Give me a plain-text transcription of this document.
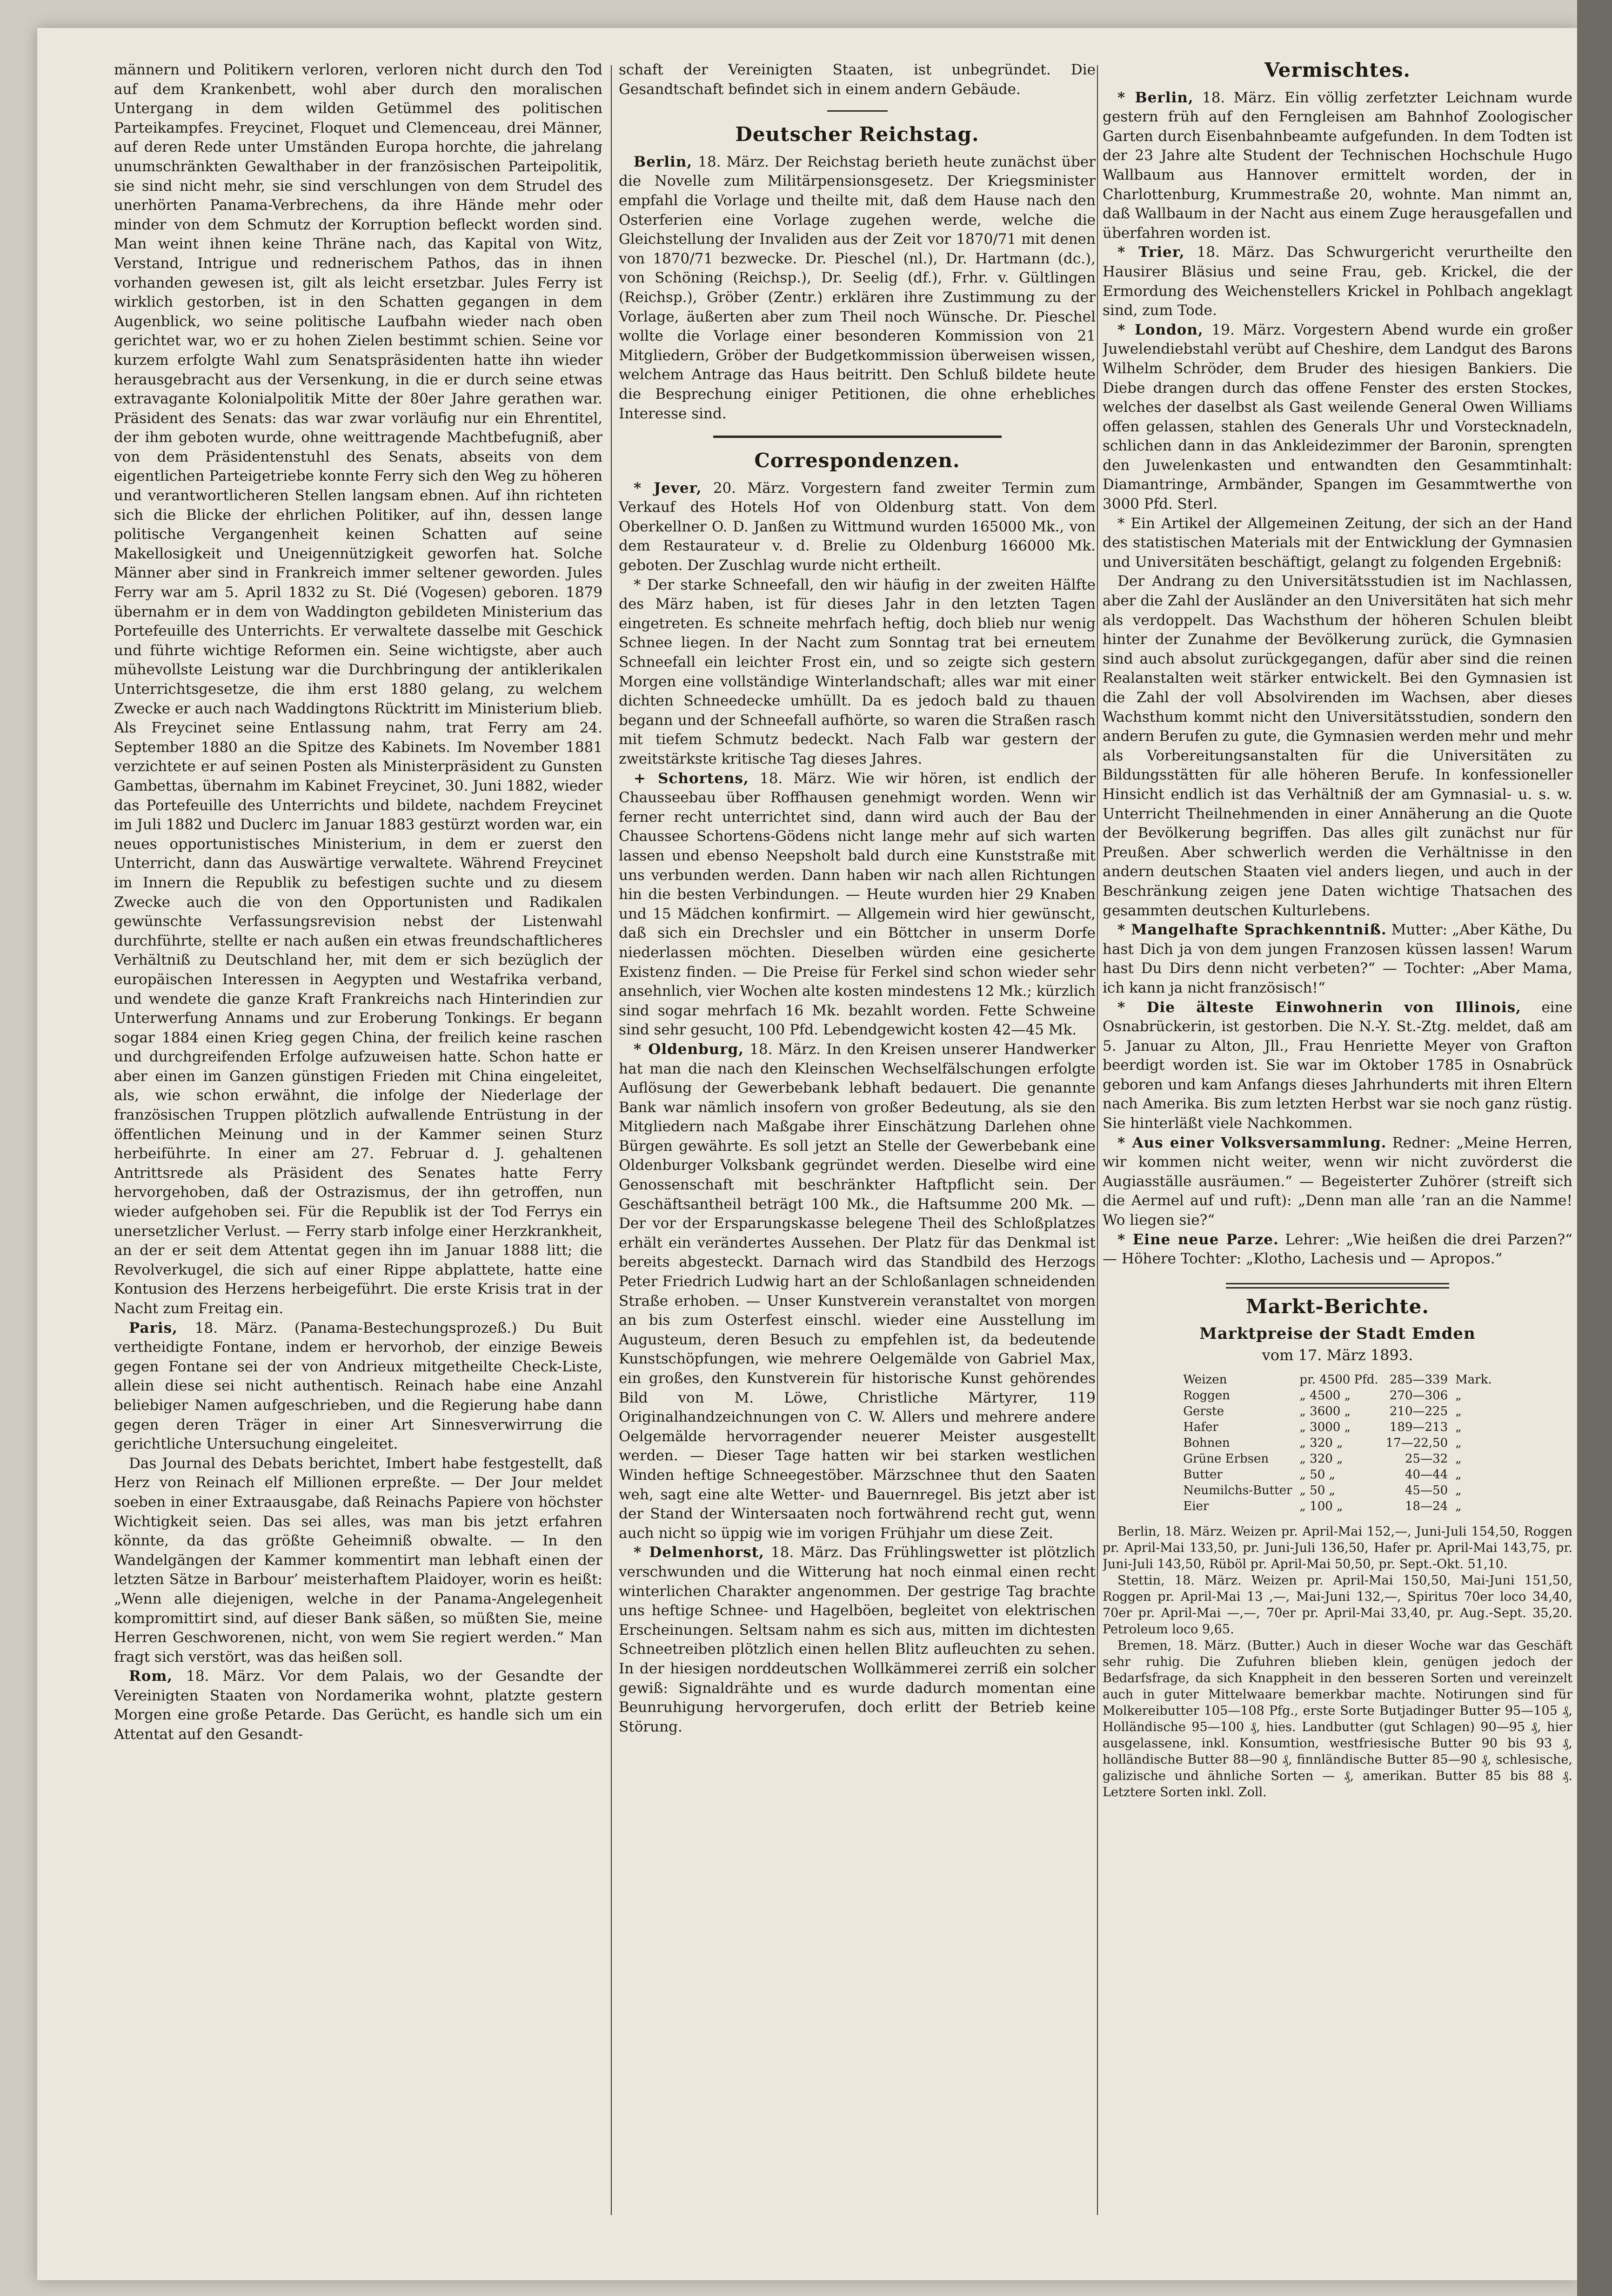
männern und Politikern verloren, verloren nicht durch den Tod auf dem Krankenbett, wohl aber durch den moralischen Untergang in dem wilden Getümmel des politischen Parteikampfes. Freycinet, Floquet und Clemenceau, drei Männer, auf deren Rede unter Umständen Europa horchte, die jahrelang unumschränkten Gewalthaber in der französischen Parteipolitik, sie sind nicht mehr, sie sind verschlungen von dem Strudel des unerhörten Panama-Verbrechens, da ihre Hände mehr oder minder von dem Schmutz der Korruption befleckt worden sind. Man weint ihnen keine Thräne nach, das Kapital von Witz, Verstand, Intrigue und rednerischem Pathos, das in ihnen vorhanden gewesen ist, gilt als leicht ersetzbar. Jules Ferry ist wirklich gestorben, ist in den Schatten gegangen in dem Augenblick, wo seine politische Laufbahn wieder nach oben gerichtet war, wo er zu hohen Zielen bestimmt schien. Seine vor kurzem erfolgte Wahl zum Senatspräsidenten hatte ihn wieder herausgebracht aus der Versenkung, in die er durch seine etwas extravagante Kolonialpolitik Mitte der 80er Jahre gerathen war. Präsident des Senats: das war zwar vorläufig nur ein Ehrentitel, der ihm geboten wurde, ohne weittragende Machtbefugniß, aber von dem Präsidentenstuhl des Senats, abseits von dem eigentlichen Parteigetriebe konnte Ferry sich den Weg zu höheren und verantwortlicheren Stellen langsam ebnen. Auf ihn richteten sich die Blicke der ehrlichen Politiker, auf ihn, dessen lange politische Vergangenheit keinen Schatten auf seine Makellosigkeit und Uneigennützigkeit geworfen hat. Solche Männer aber sind in Frankreich immer seltener geworden. Jules Ferry war am 5. April 1832 zu St. Dié (Vogesen) geboren. 1879 übernahm er in dem von Waddington gebildeten Ministerium das Portefeuille des Unterrichts. Er verwaltete dasselbe mit Geschick und führte wichtige Reformen ein. Seine wichtigste, aber auch mühevollste Leistung war die Durchbringung der antiklerikalen Unterrichtsgesetze, die ihm erst 1880 gelang, zu welchem Zwecke er auch nach Waddingtons Rücktritt im Ministerium blieb. Als Freycinet seine Entlassung nahm, trat Ferry am 24. September 1880 an die Spitze des Kabinets. Im November 1881 verzichtete er auf seinen Posten als Ministerpräsident zu Gunsten Gambettas, übernahm im Kabinet Freycinet, 30. Juni 1882, wieder das Portefeuille des Unterrichts und bildete, nachdem Freycinet im Juli 1882 und Duclerc im Januar 1883 gestürzt worden war, ein neues opportunistisches Ministerium, in dem er zuerst den Unterricht, dann das Auswärtige verwaltete. Während Freycinet im Innern die Republik zu befestigen suchte und zu diesem Zwecke auch die von den Opportunisten und Radikalen gewünschte Verfassungsrevision nebst der Listenwahl durchführte, stellte er nach außen ein etwas freundschaftlicheres Verhältniß zu Deutschland her, mit dem er sich bezüglich der europäischen Interessen in Aegypten und Westafrika verband, und wendete die ganze Kraft Frankreichs nach Hinterindien zur Unterwerfung Annams und zur Eroberung Tonkings. Er begann sogar 1884 einen Krieg gegen China, der freilich keine raschen und durchgreifenden Erfolge aufzuweisen hatte. Schon hatte er aber einen im Ganzen günstigen Frieden mit China eingeleitet, als, wie schon erwähnt, die infolge der Niederlage der französischen Truppen plötzlich aufwallende Entrüstung in der öffentlichen Meinung und in der Kammer seinen Sturz herbeiführte. In einer am 27. Februar d. J. gehaltenen Antrittsrede als Präsident des Senates hatte Ferry hervorgehoben, daß der Ostrazismus, der ihn getroffen, nun wieder aufgehoben sei. Für die Republik ist der Tod Ferrys ein unersetzlicher Verlust. — Ferry starb infolge einer Herzkrankheit, an der er seit dem Attentat gegen ihn im Januar 1888 litt; die Revolverkugel, die sich auf einer Rippe abplattete, hatte eine Kontusion des Herzens herbeigeführt. Die erste Krisis trat in der Nacht zum Freitag ein.

Paris, 18. März. (Panama-Bestechungsprozeß.) Du Buit vertheidigte Fontane, indem er hervorhob, der einzige Beweis gegen Fontane sei der von Andrieux mitgetheilte Check-Liste, allein diese sei nicht authentisch. Reinach habe eine Anzahl beliebiger Namen aufgeschrieben, und die Regierung habe dann gegen deren Träger in einer Art Sinnesverwirrung die gerichtliche Untersuchung eingeleitet.

Das Journal des Debats berichtet, Imbert habe festgestellt, daß Herz von Reinach elf Millionen erpreßte. — Der Jour meldet soeben in einer Extraausgabe, daß Reinachs Papiere von höchster Wichtigkeit seien. Das sei alles, was man bis jetzt erfahren könnte, da das größte Geheimniß obwalte. — In den Wandelgängen der Kammer kommentirt man lebhaft einen der letzten Sätze in Barbour’ meisterhaftem Plaidoyer, worin es heißt: „Wenn alle diejenigen, welche in der Panama-Angelegenheit kompromittirt sind, auf dieser Bank säßen, so müßten Sie, meine Herren Geschworenen, nicht, von wem Sie regiert werden.“ Man fragt sich verstört, was das heißen soll.

Rom, 18. März. Vor dem Palais, wo der Gesandte der Vereinigten Staaten von Nordamerika wohnt, platzte gestern Morgen eine große Petarde. Das Gerücht, es handle sich um ein Attentat auf den Gesandt-

schaft der Vereinigten Staaten, ist unbegründet. Die Gesandtschaft befindet sich in einem andern Gebäude.

Deutscher Reichstag.

Berlin, 18. März. Der Reichstag berieth heute zunächst über die Novelle zum Militärpensionsgesetz. Der Kriegsminister empfahl die Vorlage und theilte mit, daß dem Hause nach den Osterferien eine Vorlage zugehen werde, welche die Gleichstellung der Invaliden aus der Zeit vor 1870/71 mit denen von 1870/71 bezwecke. Dr. Pieschel (nl.), Dr. Hartmann (dc.), von Schöning (Reichsp.), Dr. Seelig (df.), Frhr. v. Gültlingen (Reichsp.), Gröber (Zentr.) erklären ihre Zustimmung zu der Vorlage, äußerten aber zum Theil noch Wünsche. Dr. Pieschel wollte die Vorlage einer besonderen Kommission von 21 Mitgliedern, Gröber der Budgetkommission überweisen wissen, welchem Antrage das Haus beitritt. Den Schluß bildete heute die Besprechung einiger Petitionen, die ohne erhebliches Interesse sind.

Correspondenzen.

* Jever, 20. März. Vorgestern fand zweiter Termin zum Verkauf des Hotels Hof von Oldenburg statt. Von dem Oberkellner O. D. Janßen zu Wittmund wurden 165000 Mk., von dem Restaurateur v. d. Brelie zu Oldenburg 166000 Mk. geboten. Der Zuschlag wurde nicht ertheilt.

* Der starke Schneefall, den wir häufig in der zweiten Hälfte des März haben, ist für dieses Jahr in den letzten Tagen eingetreten. Es schneite mehrfach heftig, doch blieb nur wenig Schnee liegen. In der Nacht zum Sonntag trat bei erneutem Schneefall ein leichter Frost ein, und so zeigte sich gestern Morgen eine vollständige Winterlandschaft; alles war mit einer dichten Schneedecke umhüllt. Da es jedoch bald zu thauen begann und der Schneefall aufhörte, so waren die Straßen rasch mit tiefem Schmutz bedeckt. Nach Falb war gestern der zweitstärkste kritische Tag dieses Jahres.

+ Schortens, 18. März. Wie wir hören, ist endlich der Chausseebau über Roffhausen genehmigt worden. Wenn wir ferner recht unterrichtet sind, dann wird auch der Bau der Chaussee Schortens-Gödens nicht lange mehr auf sich warten lassen und ebenso Neepsholt bald durch eine Kunststraße mit uns verbunden werden. Dann haben wir nach allen Richtungen hin die besten Verbindungen. — Heute wurden hier 29 Knaben und 15 Mädchen konfirmirt. — Allgemein wird hier gewünscht, daß sich ein Drechsler und ein Böttcher in unserm Dorfe niederlassen möchten. Dieselben würden eine gesicherte Existenz finden. — Die Preise für Ferkel sind schon wieder sehr ansehnlich, vier Wochen alte kosten mindestens 12 Mk.; kürzlich sind sogar mehrfach 16 Mk. bezahlt worden. Fette Schweine sind sehr gesucht, 100 Pfd. Lebendgewicht kosten 42—45 Mk.

* Oldenburg, 18. März. In den Kreisen unserer Handwerker hat man die nach den Kleinschen Wechselfälschungen erfolgte Auflösung der Gewerbebank lebhaft bedauert. Die genannte Bank war nämlich insofern von großer Bedeutung, als sie den Mitgliedern nach Maßgabe ihrer Einschätzung Darlehen ohne Bürgen gewährte. Es soll jetzt an Stelle der Gewerbebank eine Oldenburger Volksbank gegründet werden. Dieselbe wird eine Genossenschaft mit beschränkter Haftpflicht sein. Der Geschäftsantheil beträgt 100 Mk., die Haftsumme 200 Mk. — Der vor der Ersparungskasse belegene Theil des Schloßplatzes erhält ein verändertes Aussehen. Der Platz für das Denkmal ist bereits abgesteckt. Darnach wird das Standbild des Herzogs Peter Friedrich Ludwig hart an der Schloßanlagen schneidenden Straße erhoben. — Unser Kunstverein veranstaltet von morgen an bis zum Osterfest einschl. wieder eine Ausstellung im Augusteum, deren Besuch zu empfehlen ist, da bedeutende Kunstschöpfungen, wie mehrere Oelgemälde von Gabriel Max, ein großes, den Kunstverein für historische Kunst gehörendes Bild von M. Löwe, Christliche Märtyrer, 119 Originalhandzeichnungen von C. W. Allers und mehrere andere Oelgemälde hervorragender neuerer Meister ausgestellt werden. — Dieser Tage hatten wir bei starken westlichen Winden heftige Schneegestöber. Märzschnee thut den Saaten weh, sagt eine alte Wetter- und Bauernregel. Bis jetzt aber ist der Stand der Wintersaaten noch fortwährend recht gut, wenn auch nicht so üppig wie im vorigen Frühjahr um diese Zeit.

* Delmenhorst, 18. März. Das Frühlingswetter ist plötzlich verschwunden und die Witterung hat noch einmal einen recht winterlichen Charakter angenommen. Der gestrige Tag brachte uns heftige Schnee- und Hagelböen, begleitet von elektrischen Erscheinungen. Seltsam nahm es sich aus, mitten im dichtesten Schneetreiben plötzlich einen hellen Blitz aufleuchten zu sehen. In der hiesigen norddeutschen Wollkämmerei zerriß ein solcher gewiß: Signaldrähte und es wurde dadurch momentan eine Beunruhigung hervorgerufen, doch erlitt der Betrieb keine Störung.

Vermischtes.

* Berlin, 18. März. Ein völlig zerfetzter Leichnam wurde gestern früh auf den Ferngleisen am Bahnhof Zoologischer Garten durch Eisenbahnbeamte aufgefunden. In dem Todten ist der 23 Jahre alte Student der Technischen Hochschule Hugo Wallbaum aus Hannover ermittelt worden, der in Charlottenburg, Krummestraße 20, wohnte. Man nimmt an, daß Wallbaum in der Nacht aus einem Zuge herausgefallen und überfahren worden ist.

* Trier, 18. März. Das Schwurgericht verurtheilte den Hausirer Bläsius und seine Frau, geb. Krickel, die der Ermordung des Weichenstellers Krickel in Pohlbach angeklagt sind, zum Tode.

* London, 19. März. Vorgestern Abend wurde ein großer Juwelendiebstahl verübt auf Cheshire, dem Landgut des Barons Wilhelm Schröder, dem Bruder des hiesigen Bankiers. Die Diebe drangen durch das offene Fenster des ersten Stockes, welches der daselbst als Gast weilende General Owen Williams offen gelassen, stahlen des Generals Uhr und Vorstecknadeln, schlichen dann in das Ankleidezimmer der Baronin, sprengten den Juwelenkasten und entwandten den Gesammtinhalt: Diamantringe, Armbänder, Spangen im Gesammtwerthe von 3000 Pfd. Sterl.

* Ein Artikel der Allgemeinen Zeitung, der sich an der Hand des statistischen Materials mit der Entwicklung der Gymnasien und Universitäten beschäftigt, gelangt zu folgenden Ergebniß:

Der Andrang zu den Universitätsstudien ist im Nachlassen, aber die Zahl der Ausländer an den Universitäten hat sich mehr als verdoppelt. Das Wachsthum der höheren Schulen bleibt hinter der Zunahme der Bevölkerung zurück, die Gymnasien sind auch absolut zurückgegangen, dafür aber sind die reinen Realanstalten weit stärker entwickelt. Bei den Gymnasien ist die Zahl der voll Absolvirenden im Wachsen, aber dieses Wachsthum kommt nicht den Universitätsstudien, sondern den andern Berufen zu gute, die Gymnasien werden mehr und mehr als Vorbereitungsanstalten für die Universitäten zu Bildungsstätten für alle höheren Berufe. In konfessioneller Hinsicht endlich ist das Verhältniß der am Gymnasial- u. s. w. Unterricht Theilnehmenden in einer Annäherung an die Quote der Bevölkerung begriffen. Das alles gilt zunächst nur für Preußen. Aber schwerlich werden die Verhältnisse in den andern deutschen Staaten viel anders liegen, und auch in der Beschränkung zeigen jene Daten wichtige Thatsachen des gesammten deutschen Kulturlebens.

* Mangelhafte Sprachkenntniß. Mutter: „Aber Käthe, Du hast Dich ja von dem jungen Franzosen küssen lassen! Warum hast Du Dirs denn nicht verbeten?“ — Tochter: „Aber Mama, ich kann ja nicht französisch!“

* Die älteste Einwohnerin von Illinois, eine Osnabrückerin, ist gestorben. Die N.-Y. St.-Ztg. meldet, daß am 5. Januar zu Alton, Jll., Frau Henriette Meyer von Grafton beerdigt worden ist. Sie war im Oktober 1785 in Osnabrück geboren und kam Anfangs dieses Jahrhunderts mit ihren Eltern nach Amerika. Bis zum letzten Herbst war sie noch ganz rüstig. Sie hinterläßt viele Nachkommen.

* Aus einer Volksversammlung. Redner: „Meine Herren, wir kommen nicht weiter, wenn wir nicht zuvörderst die Augiasställe ausräumen.“ — Begeisterter Zuhörer (streift sich die Aermel auf und ruft): „Denn man alle ’ran an die Namme! Wo liegen sie?“

* Eine neue Parze. Lehrer: „Wie heißen die drei Parzen?“ — Höhere Tochter: „Klotho, Lachesis und — Apropos.“

Markt-Berichte.
Marktpreise der Stadt Emden
vom 17. März 1893.
Weizen	pr. 4500 Pfd.	285—339	Mark.
Roggen	„ 4500 „	270—306	„
Gerste	„ 3600 „	210—225	„
Hafer	„ 3000 „	189—213	„
Bohnen	„ 320 „	17—22,50	„
Grüne Erbsen	„ 320 „	25—32	„
Butter	„ 50 „	40—44	„
Neumilchs-Butter	„ 50 „	45—50	„
Eier	„ 100 „	18—24	„

Berlin, 18. März. Weizen pr. April-Mai 152,—, Juni-Juli 154,50, Roggen pr. April-Mai 133,50, pr. Juni-Juli 136,50, Hafer pr. April-Mai 143,75, pr. Juni-Juli 143,50, Rüböl pr. April-Mai 50,50, pr. Sept.-Okt. 51,10.

Stettin, 18. März. Weizen pr. April-Mai 150,50, Mai-Juni 151,50, Roggen pr. April-Mai 13 ,—, Mai-Juni 132,—, Spiritus 70er loco 34,40, 70er pr. April-Mai —,—, 70er pr. April-Mai 33,40, pr. Aug.-Sept. 35,20. Petroleum loco 9,65.

Bremen, 18. März. (Butter.) Auch in dieser Woche war das Geschäft sehr ruhig. Die Zufuhren blieben klein, genügen jedoch der Bedarfsfrage, da sich Knappheit in den besseren Sorten und vereinzelt auch in guter Mittelwaare bemerkbar machte. Notirungen sind für Molkereibutter 105—108 Pfg., erste Sorte Butjadinger Butter 95—105 ₰, Holländische 95—100 ₰, hies. Landbutter (gut Schlagen) 90—95 ₰, hier ausgelassene, inkl. Konsumtion, westfriesische Butter 90 bis 93 ₰, holländische Butter 88—90 ₰, finnländische Butter 85—90 ₰, schlesische, galizische und ähnliche Sorten — ₰, amerikan. Butter 85 bis 88 ₰. Letztere Sorten inkl. Zoll.
